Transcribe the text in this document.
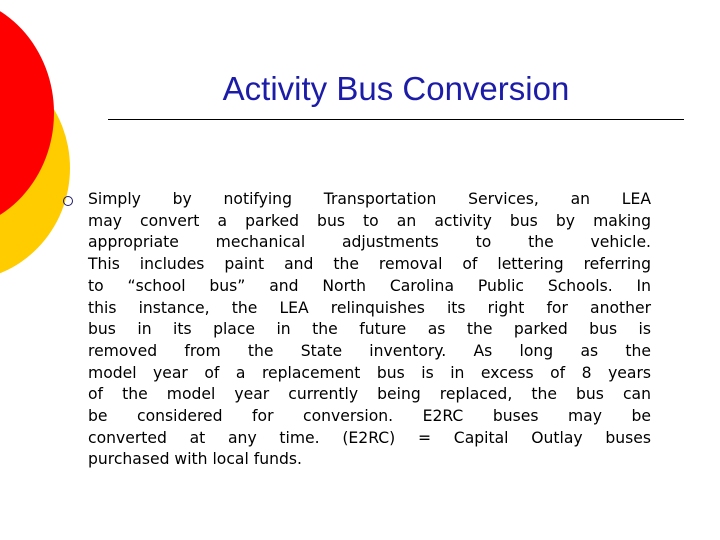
Activity Bus Conversion
Simply by notifying Transportation Services, an LEA
may convert a parked bus to an activity bus by making
appropriate mechanical adjustments to the vehicle.
This includes paint and the removal of lettering referring
to “school bus” and North Carolina Public Schools. In
this instance, the LEA relinquishes its right for another
bus in its place in the future as the parked bus is
removed from the State inventory. As long as the
model year of a replacement bus is in excess of 8 years
of the model year currently being replaced, the bus can
be considered for conversion. E2RC buses may be
converted at any time. (E2RC) = Capital Outlay buses
purchased with local funds.
